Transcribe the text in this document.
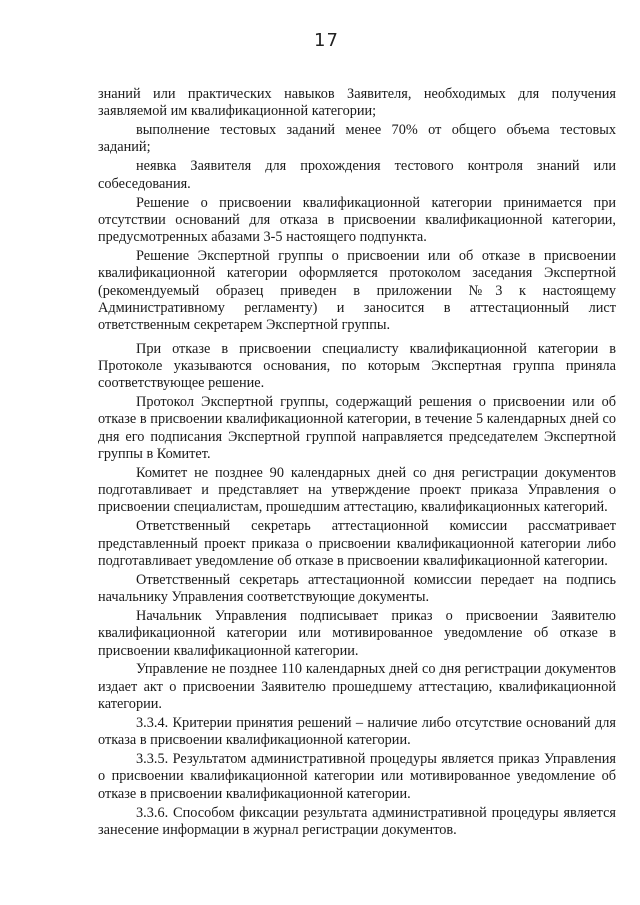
17

знаний или практических навыков Заявителя, необходимых для получения заявляемой им квалификационной категории;

выполнение тестовых заданий менее 70% от общего объема тестовых заданий;

неявка Заявителя для прохождения тестового контроля знаний или собеседования.

Решение о присвоении квалификационной категории принимается при отсутствии оснований для отказа в присвоении квалификационной категории, предусмотренных абазами 3-5 настоящего подпункта.

Решение Экспертной группы о присвоении или об отказе в присвоении квалификационной категории оформляется протоколом заседания Экспертной (рекомендуемый образец приведен в приложении №3 к настоящему Административному регламенту) и заносится в аттестационный лист ответственным секретарем Экспертной группы.

При отказе в присвоении специалисту квалификационной категории в Протоколе указываются основания, по которым Экспертная группа приняла соответствующее решение.

Протокол Экспертной группы, содержащий решения о присвоении или об отказе в присвоении квалификационной категории, в течение 5 календарных дней со дня его подписания Экспертной группой направляется председателем Экспертной группы в Комитет.

Комитет не позднее 90 календарных дней со дня регистрации документов подготавливает и представляет на утверждение проект приказа Управления о присвоении специалистам, прошедшим аттестацию, квалификационных категорий.

Ответственный секретарь аттестационной комиссии рассматривает представленный проект приказа о присвоении квалификационной категории либо подготавливает уведомление об отказе в присвоении квалификационной категории.

Ответственный секретарь аттестационной комиссии передает на подпись начальнику Управления соответствующие документы.

Начальник Управления подписывает приказ о присвоении Заявителю квалификационной категории или мотивированное уведомление об отказе в присвоении квалификационной категории.

Управление не позднее 110 календарных дней со дня регистрации документов издает акт о присвоении Заявителю прошедшему аттестацию, квалификационной категории.

3.3.4. Критерии принятия решений – наличие либо отсутствие оснований для отказа в присвоении квалификационной категории.

3.3.5. Результатом административной процедуры является приказ Управления о присвоении квалификационной категории или мотивированное уведомление об отказе в присвоении квалификационной категории.

3.3.6. Способом фиксации результата административной процедуры является занесение информации в журнал регистрации документов.
